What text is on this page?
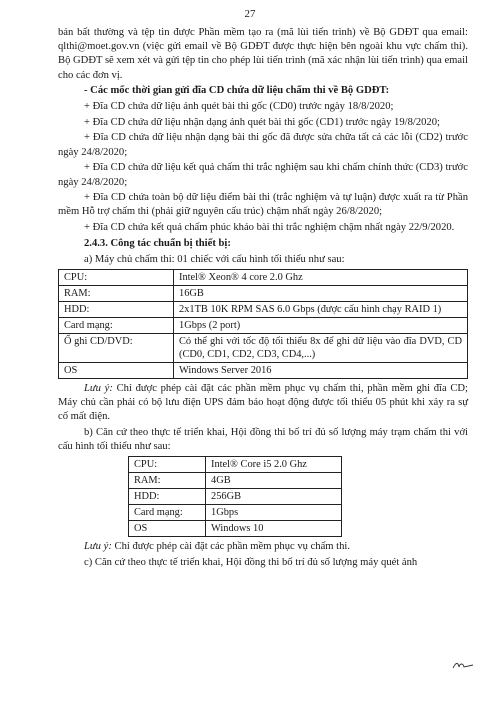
27

bản bất thường và tệp tin được Phần mềm tạo ra (mã lùi tiến trình) về Bộ GDĐT qua email: qlthi@moet.gov.vn (việc gửi email về Bộ GDĐT được thực hiện bên ngoài khu vực chấm thi). Bộ GDĐT sẽ xem xét và gửi tệp tin cho phép lùi tiến trình (mã xác nhận lùi tiến trình) qua email cho các đơn vị.

- Các mốc thời gian gửi đĩa CD chứa dữ liệu chấm thi về Bộ GDĐT:

+ Đĩa CD chứa dữ liệu ảnh quét bài thi gốc (CD0) trước ngày 18/8/2020;

+ Đĩa CD chứa dữ liệu nhận dạng ảnh quét bài thi gốc (CD1) trước ngày 19/8/2020;

+ Đĩa CD chứa dữ liệu nhận dạng bài thi gốc đã được sửa chữa tất cả các lỗi (CD2) trước ngày 24/8/2020;

+ Đĩa CD chứa dữ liệu kết quả chấm thi trắc nghiệm sau khi chấm chính thức (CD3) trước ngày 24/8/2020;

+ Đĩa CD chứa toàn bộ dữ liệu điểm bài thi (trắc nghiệm và tự luận) được xuất ra từ Phần mềm Hỗ trợ chấm thi (phải giữ nguyên cấu trúc) chậm nhất ngày 26/8/2020;

+ Đĩa CD chứa kết quả chấm phúc khảo bài thi trắc nghiệm chậm nhất ngày 22/9/2020.

2.4.3. Công tác chuẩn bị thiết bị:

a) Máy chủ chấm thi: 01 chiếc với cấu hình tối thiểu như sau:

CPU:	Intel® Xeon® 4 core 2.0 Ghz
RAM:	16GB
HDD:	2x1TB 10K RPM SAS 6.0 Gbps (được cấu hình chạy RAID 1)
Card mạng:	1Gbps (2 port)
Ổ ghi CD/DVD:	Có thể ghi với tốc độ tối thiểu 8x để ghi dữ liệu vào đĩa DVD, CD (CD0, CD1, CD2, CD3, CD4,...)
OS	Windows Server 2016

Lưu ý: Chỉ được phép cài đặt các phần mềm phục vụ chấm thi, phần mềm ghi đĩa CD; Máy chủ cần phải có bộ lưu điện UPS đảm bảo hoạt động được tối thiểu 05 phút khi xảy ra sự cố mất điện.

b) Căn cứ theo thực tế triển khai, Hội đồng thi bố trí đủ số lượng máy trạm chấm thi với cấu hình tối thiểu như sau:

CPU:	Intel® Core i5 2.0 Ghz
RAM:	4GB
HDD:	256GB
Card mạng:	1Gbps
OS	Windows 10

Lưu ý: Chỉ được phép cài đặt các phần mềm phục vụ chấm thi.

c) Căn cứ theo thực tế triển khai, Hội đồng thi bố trí đủ số lượng máy quét ảnh
